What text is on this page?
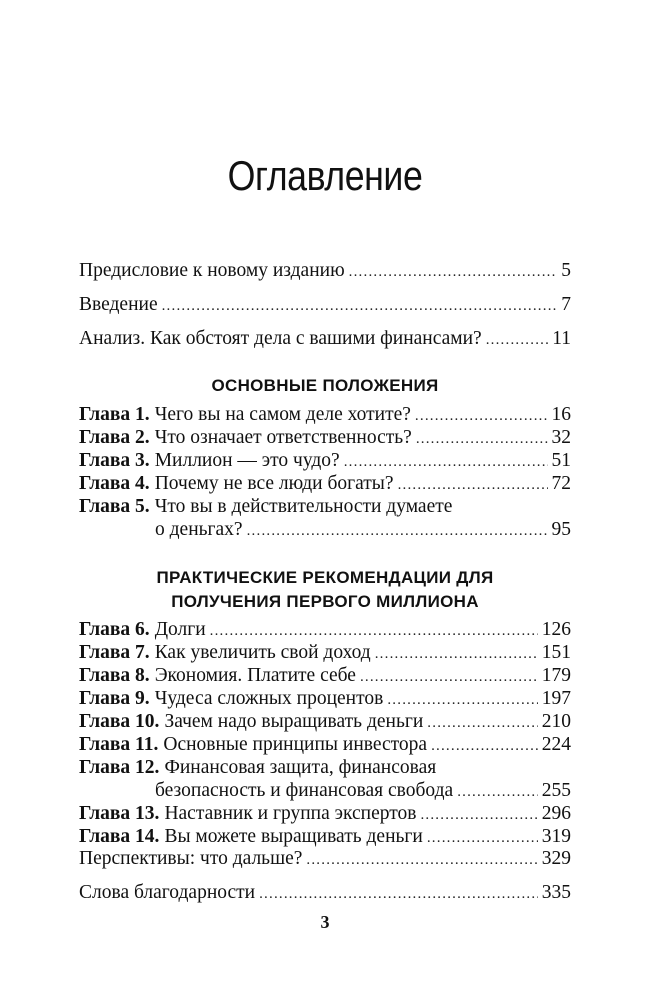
Оглавление
Предисловие к новому изданию .....	5
Введение .....	7
Анализ. Как обстоят дела с вашими финансами? .....	11
ОСНОВНЫЕ ПОЛОЖЕНИЯ
Глава 1. Чего вы на самом деле хотите? .....	16
Глава 2. Что означает ответственность? .....	32
Глава 3. Миллион — это чудо? .....	51
Глава 4. Почему не все люди богаты? .....	72
Глава 5. Что вы в действительности думаете
о деньгах? .....	95
ПРАКТИЧЕСКИЕ РЕКОМЕНДАЦИИ ДЛЯ
ПОЛУЧЕНИЯ ПЕРВОГО МИЛЛИОНА
Глава 6. Долги .....	126
Глава 7. Как увеличить свой доход .....	151
Глава 8. Экономия. Платите себе .....	179
Глава 9. Чудеса сложных процентов .....	197
Глава 10. Зачем надо выращивать деньги .....	210
Глава 11. Основные принципы инвестора .....	224
Глава 12. Финансовая защита, финансовая
безопасность и финансовая свобода .....	255
Глава 13. Наставник и группа экспертов .....	296
Глава 14. Вы можете выращивать деньги .....	319
Перспективы: что дальше? .....	329
Слова благодарности .....	335
3
